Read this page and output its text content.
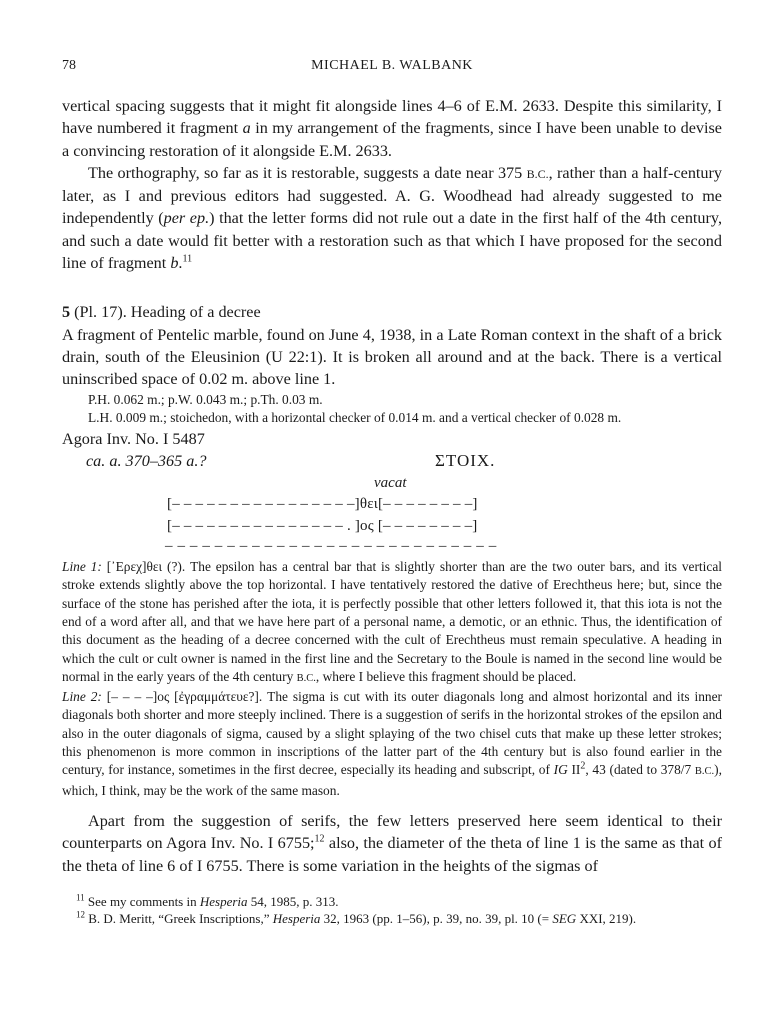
78	MICHAEL B. WALBANK

vertical spacing suggests that it might fit alongside lines 4–6 of E.M. 2633. Despite this similarity, I have numbered it fragment a in my arrangement of the fragments, since I have been unable to devise a convincing restoration of it alongside E.M. 2633.

The orthography, so far as it is restorable, suggests a date near 375 B.C., rather than a half-century later, as I and previous editors had suggested. A. G. Woodhead had already suggested to me independently (per ep.) that the letter forms did not rule out a date in the first half of the 4th century, and such a date would fit better with a restoration such as that which I have proposed for the second line of fragment b.$^{11}$

5 (Pl. 17). Heading of a decree

A fragment of Pentelic marble, found on June 4, 1938, in a Late Roman context in the shaft of a brick drain, south of the Eleusinion (U 22:1). It is broken all around and at the back. There is a vertical uninscribed space of 0.02 m. above line 1.

P.H. 0.062 m.; p.W. 0.043 m.; p.Th. 0.03 m.
L.H. 0.009 m.; stoichedon, with a horizontal checker of 0.014 m. and a vertical checker of 0.028 m.

Agora Inv. No. I 5487

ca. a. 370–365 a.?	ΣTOIX.
vacat
[– – – – – – – – – – – – – – – –]θει[– – – – – – – –]
[– – – – – – – – – – – – – – – . ]ος [– – – – – – – –]
– – – – – – – – – – – – – – – – – – – – – – – – – – –

Line 1: [᾿Ερεχ]θει (?). The epsilon has a central bar that is slightly shorter than are the two outer bars, and its vertical stroke extends slightly above the top horizontal. I have tentatively restored the dative of Erechtheus here; but, since the surface of the stone has perished after the iota, it is perfectly possible that other letters followed it, that this iota is not the end of a word after all, and that we have here part of a personal name, a demotic, or an ethnic. Thus, the identification of this document as the heading of a decree concerned with the cult of Erechtheus must remain speculative. A heading in which the cult or cult owner is named in the first line and the Secretary to the Boule is named in the second line would be normal in the early years of the 4th century B.C., where I believe this fragment should be placed.

Line 2: [– – – –]ος [ἐγραμμάτευε?]. The sigma is cut with its outer diagonals long and almost horizontal and its inner diagonals both shorter and more steeply inclined. There is a suggestion of serifs in the horizontal strokes of the epsilon and also in the outer diagonals of sigma, caused by a slight splaying of the two chisel cuts that make up these letter strokes; this phenomenon is more common in inscriptions of the latter part of the 4th century but is also found earlier in the century, for instance, sometimes in the first decree, especially its heading and subscript, of IG $II^2$, 43 (dated to 378/7 B.C.), which, I think, may be the work of the same mason.

Apart from the suggestion of serifs, the few letters preserved here seem identical to their counterparts on Agora Inv. No. I 6755;$^{12}$ also, the diameter of the theta of line 1 is the same as that of the theta of line 6 of I 6755. There is some variation in the heights of the sigmas of

$^{11}$ See my comments in Hesperia 54, 1985, p. 313.

$^{12}$ B. D. Meritt, “Greek Inscriptions,” Hesperia 32, 1963 (pp. 1–56), p. 39, no. 39, pl. 10 (= SEG XXI, 219).
